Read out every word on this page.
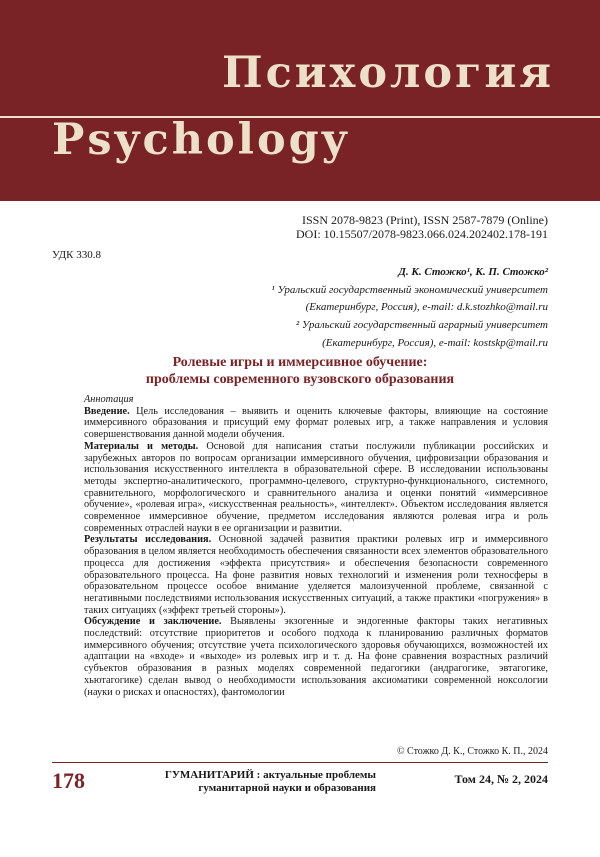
Психология
Psychology
ISSN 2078-9823 (Print), ISSN 2587-7879 (Online)
DOI: 10.15507/2078-9823.066.024.202402.178-191
УДК 330.8
Д. К. Стожко¹, К. П. Стожко²
¹ Уральский государственный экономический университет
(Екатеринбург, Россия), e-mail: d.k.stozhko@mail.ru
² Уральский государственный аграрный университет
(Екатеринбург, Россия), e-mail: kostskp@mail.ru
Ролевые игры и иммерсивное обучение:
проблемы современного вузовского образования
Аннотация

Введение. Цель исследования – выявить и оценить ключевые факторы, влияющие на состояние иммерсивного образования и присущий ему формат ролевых игр, а также направления и условия совершенствования данной модели обучения.

Материалы и методы. Основой для написания статьи послужили публикации российских и зарубежных авторов по вопросам организации иммерсивного обучения, цифровизации образования и использования искусственного интеллекта в образовательной сфере. В исследовании использованы методы экспертно-аналитического, программно-целевого, структурно-функционального, системного, сравнительного, морфологического и сравнительного анализа и оценки понятий «иммерсивное обучение», «ролевая игра», «искусственная реальность», «интеллект». Объектом исследования является современное иммерсивное обучение, предметом исследования являются ролевая игра и роль современных отраслей науки в ее организации и развитии.

Результаты исследования. Основной задачей развития практики ролевых игр и иммерсивного образования в целом является необходимость обеспечения связанности всех элементов образовательного процесса для достижения «эффекта присутствия» и обеспечения безопасности современного образовательного процесса. На фоне развития новых технологий и изменения роли техносферы в образовательном процессе особое внимание уделяется малоизученной проблеме, связанной с негативными последствиями использования искусственных ситуаций, а также практики «погружения» в таких ситуациях («эффект третьей стороны»).

Обсуждение и заключение. Выявлены экзогенные и эндогенные факторы таких негативных последствий: отсутствие приоритетов и особого подхода к планированию различных форматов иммерсивного обучения; отсутствие учета психологического здоровья обучающихся, возможностей их адаптации на «входе» и «выходе» из ролевых игр и т. д. На фоне сравнения возрастных различий субъектов образования в разных моделях современной педагогики (андрагогике, эвтагогике, хьютагогике) сделан вывод о необходимости использования аксиоматики современной ноксологии (науки о рисках и опасностях), фантомологии

© Стожко Д. К., Стожко К. П., 2024
178	ГУМАНИТАРИЙ : актуальные проблемы
гуманитарной науки и образования
Том 24, № 2, 2024
